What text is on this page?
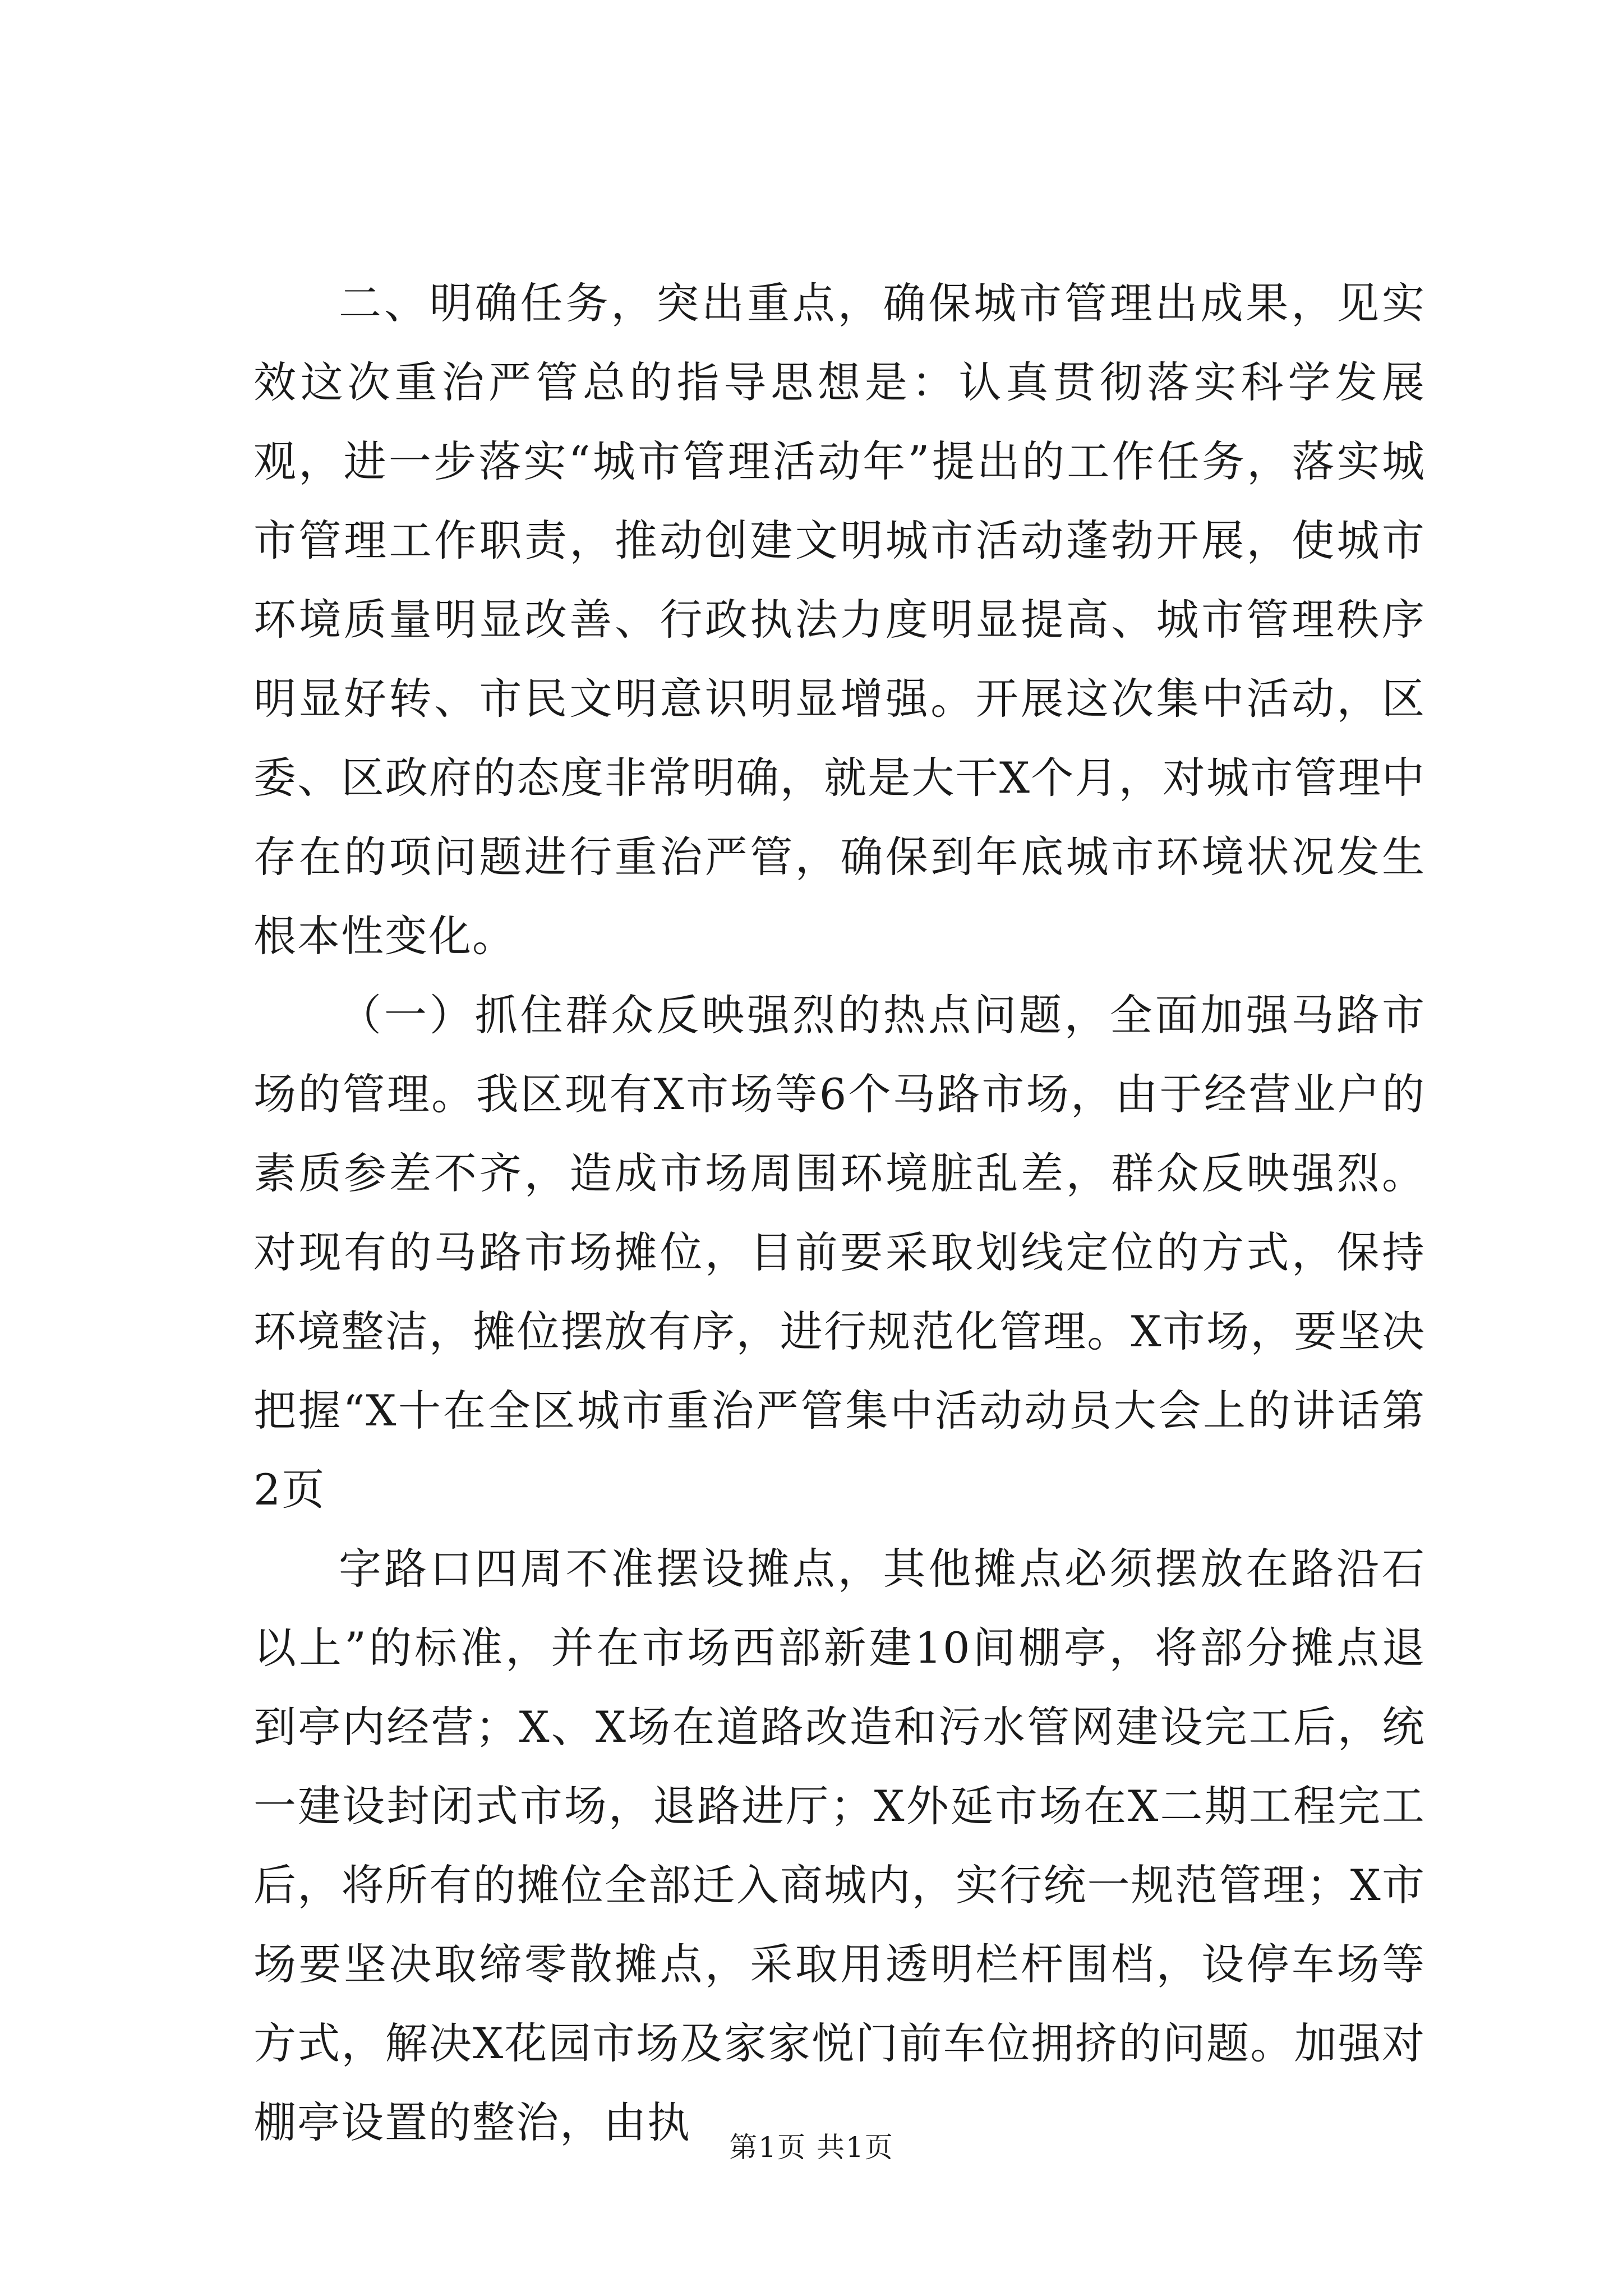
二、明确任务，突出重点，确保城市管理出成果，见实效这次重治严管总的指导思想是：认真贯彻落实科学发展观，进一步落实“城市管理活动年”提出的工作任务，落实城市管理工作职责，推动创建文明城市活动蓬勃开展，使城市环境质量明显改善、行政执法力度明显提高、城市管理秩序明显好转、市民文明意识明显增强。开展这次集中活动，区委、区政府的态度非常明确，就是大干X个月，对城市管理中存在的项问题进行重治严管，确保到年底城市环境状况发生根本性变化。

（一）抓住群众反映强烈的热点问题，全面加强马路市场的管理。我区现有X市场等6个马路市场，由于经营业户的素质参差不齐，造成市场周围环境脏乱差，群众反映强烈。对现有的马路市场摊位，目前要采取划线定位的方式，保持环境整洁，摊位摆放有序，进行规范化管理。X市场，要坚决把握“X十在全区城市重治严管集中活动动员大会上的讲话第2页

字路口四周不准摆设摊点，其他摊点必须摆放在路沿石以上”的标准，并在市场西部新建10间棚亭，将部分摊点退到亭内经营；X、X场在道路改造和污水管网建设完工后，统一建设封闭式市场，退路进厅；X外延市场在X二期工程完工后，将所有的摊位全部迁入商城内，实行统一规范管理；X市场要坚决取缔零散摊点，采取用透明栏杆围档，设停车场等方式，解决X花园市场及家家悦门前车位拥挤的问题。加强对棚亭设置的整治，由执	第1页 共1页
